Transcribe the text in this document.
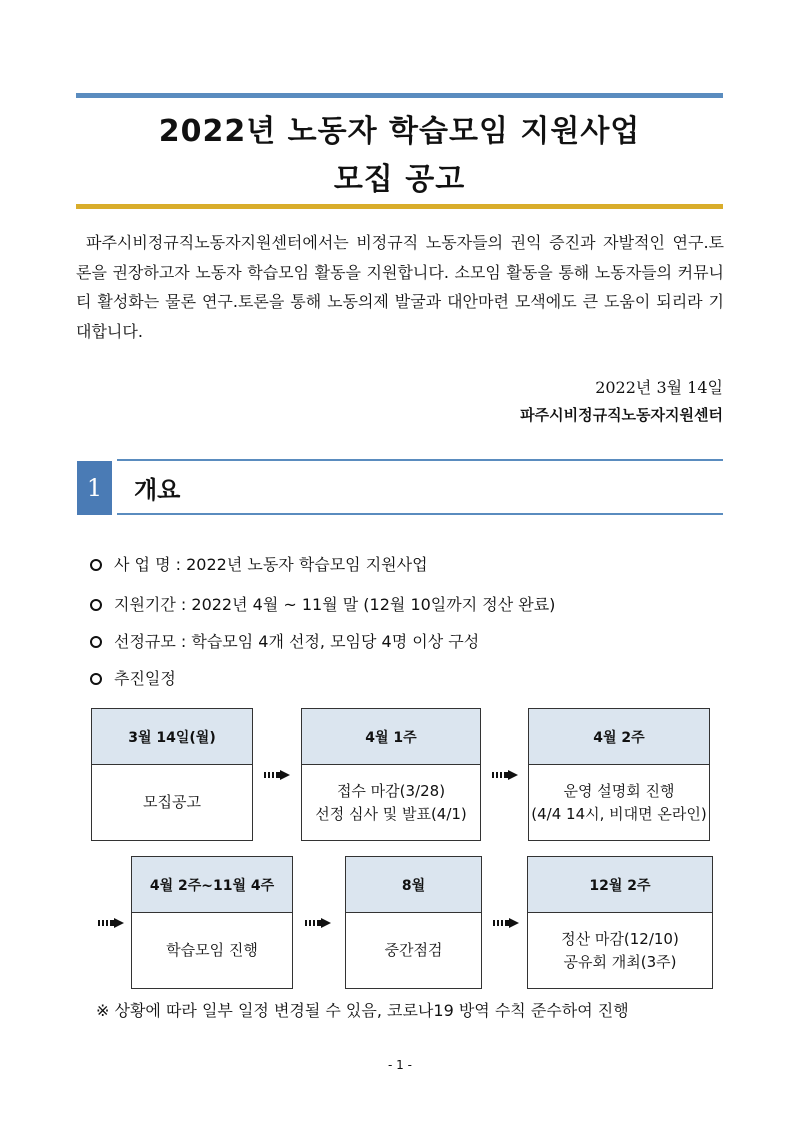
2022년 노동자 학습모임 지원사업
모집 공고

파주시비정규직노동자지원센터에서는 비정규직 노동자들의 권익 증진과 자발적인 연구.토론을 권장하고자 노동자 학습모임 활동을 지원합니다. 소모임 활동을 통해 노동자들의 커뮤니티 활성화는 물론 연구.토론을 통해 노동의제 발굴과 대안마련 모색에도 큰 도움이 되리라 기대합니다.

2022년 3월 14일
파주시비정규직노동자지원센터
1	개요
사 업 명 : 2022년 노동자 학습모임 지원사업
지원기간 : 2022년 4월 ~ 11월 말 (12월 10일까지 정산 완료)
선정규모 : 학습모임 4개 선정, 모임당 4명 이상 구성
추진일정
3월 14일(월)
모집공고
4월 1주
접수 마감(3/28)
선정 심사 및 발표(4/1)
4월 2주
운영 설명회 진행
(4/4 14시, 비대면 온라인)
4월 2주~11월 4주
학습모임 진행
8월
중간점검
12월 2주
정산 마감(12/10)
공유회 개최(3주)
※ 상황에 따라 일부 일정 변경될 수 있음, 코로나19 방역 수칙 준수하여 진행
- 1 -
